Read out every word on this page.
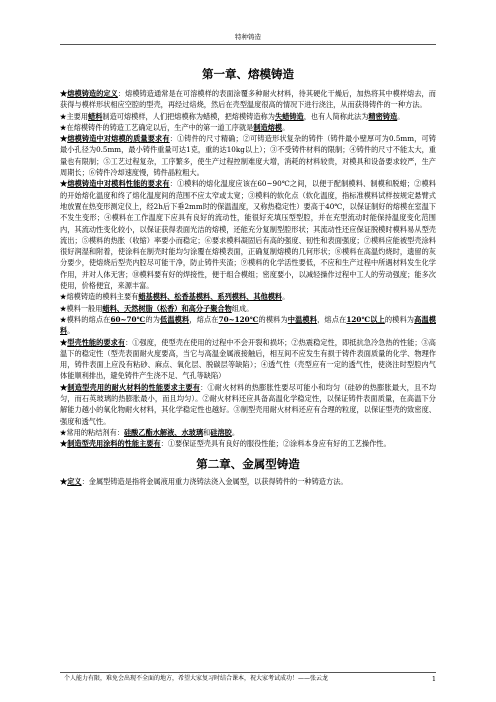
特种铸造
第一章、熔模铸造

★熔模铸造的定义：熔模铸造通常是在可溶模样的表面涂覆多种耐火材料，待其硬化干燥后，加热将其中模样熔去，而获得与模样形状相应空腔的型壳，再经过焙烧，然后在壳型温度很高的情况下进行浇注，从而获得铸件的一种方法。

★主要用蜡料制造可熔模样，人们把熔模称为蜡模，把熔模铸造称为失蜡铸造，也有人简称此法为精密铸造。

★在熔模铸件的铸造工艺确定以后，生产中的第一道工序就是制造熔模。

★熔模铸造中对熔模的质量要求有：①铸件的尺寸精确；②可铸造形状复杂的铸件（铸件最小壁厚可为0.5mm，可铸最小孔径为0.5mm，最小铸件重量可达1克，重的达10kg以上）；③不受铸件材料的限制；④铸件的尺寸不能太大，重量也有限制；⑤工艺过程复杂，工序繁多，使生产过程控制难度大增，消耗的材料较贵，对模具和设备要求较严，生产周期长；⑥铸件冷却速度慢，铸件晶粒粗大。

★熔模铸造中对模料性能的要求有：①模料的熔化温度应该在60~90℃之间，以便于配制模料、制模和脱蜡；②模料的开始熔化温度和终了熔化温度间的范围不应太窄或太宽；③模料的软化点（软化温度，指标准模料试样按规定悬臂式地放置在热变形测定仪上，经2h后下垂2mm时的保温温度，又称热稳定性）要高于40℃，以保证制好的熔模在室温下不发生变形；④模料在工作温度下应具有良好的流动性，能很好充填压型型腔，并在充型流动时能保持温度变化范围内，其流动性变化较小，以保证获得表面光洁的熔模，还能充分复制型腔形状；其流动性还应保证脱模时模料易从型壳流出；⑤模料的热胀（收缩）率要小而稳定；⑥要求模料凝固后有高的强度、韧性和表面强度；⑦模料应能被型壳涂料很好润湿和附着，使涂料在制壳时能均匀涂覆在熔模表面，正确复制熔模的几何形状；⑧模料在高温灼烧时，遗留的灰分要少，使熔烧后型壳内腔尽可能干净，防止铸件夹渣；⑨模料的化学活性要低，不应和生产过程中所遇材料发生化学作用，并对人体无害；⑩模料要有好的焊接性，便于组合模组；密度要小，以减轻操作过程中工人的劳动强度；能多次使用，价格便宜，来源丰富。

★熔模铸造的模料主要有蜡基模料、松香基模料、系列模料、其他模料。

★模料一般用蜡料、天然树脂（松香）和高分子聚合物组成。

★模料的熔点在60~70℃的为低温模料，熔点在70~120℃的模料为中温模料，熔点在120℃以上的模料为高温模料。

★型壳性能的要求有：①强度，使型壳在使用的过程中不会开裂和损坏；②热震稳定性，即抵抗急冷急热的性能；③高温下的稳定性（型壳表面耐火度要高，当它与高温金属液接触后，相互间不应发生有损于铸件表面质量的化学、物理作用，铸件表面上应没有粘砂、麻点、氧化层、脱碳层等缺陷）；④透气性（壳型应有一定的透气性，使浇注时型腔内气体能顺利排出，避免铸件产生浇不足、气孔等缺陷）

★制造型壳用的耐火材料的性能要求主要有：①耐火材料的热膨胀性要尽可能小和均匀（硅砂的热膨胀最大，且不均匀，而石英玻璃的热膨胀最小，而且均匀）。②耐火材料还应具备高温化学稳定性，以保证铸件表面质量，在高温下分解能力越小的氧化物耐火材料，其化学稳定性也越好。③制型壳用耐火材料还应有合理的粒度，以保证型壳的致密度、强度和透气性。

★常用的粘结剂有：硅酸乙酯水解液、水玻璃和硅溶胶。

★制造型壳用涂料的性能主要有：①要保证型壳具有良好的服役性能；②涂料本身应有好的工艺操作性。

第二章、金属型铸造

★定义：金属型铸造是指将金属液用重力浇铸法浇入金属型，以获得铸件的一种铸造方法。

个人能力有限，难免会出现不全面的地方，希望大家复习时结合课本，祝大家考试成功！——张云龙	1
